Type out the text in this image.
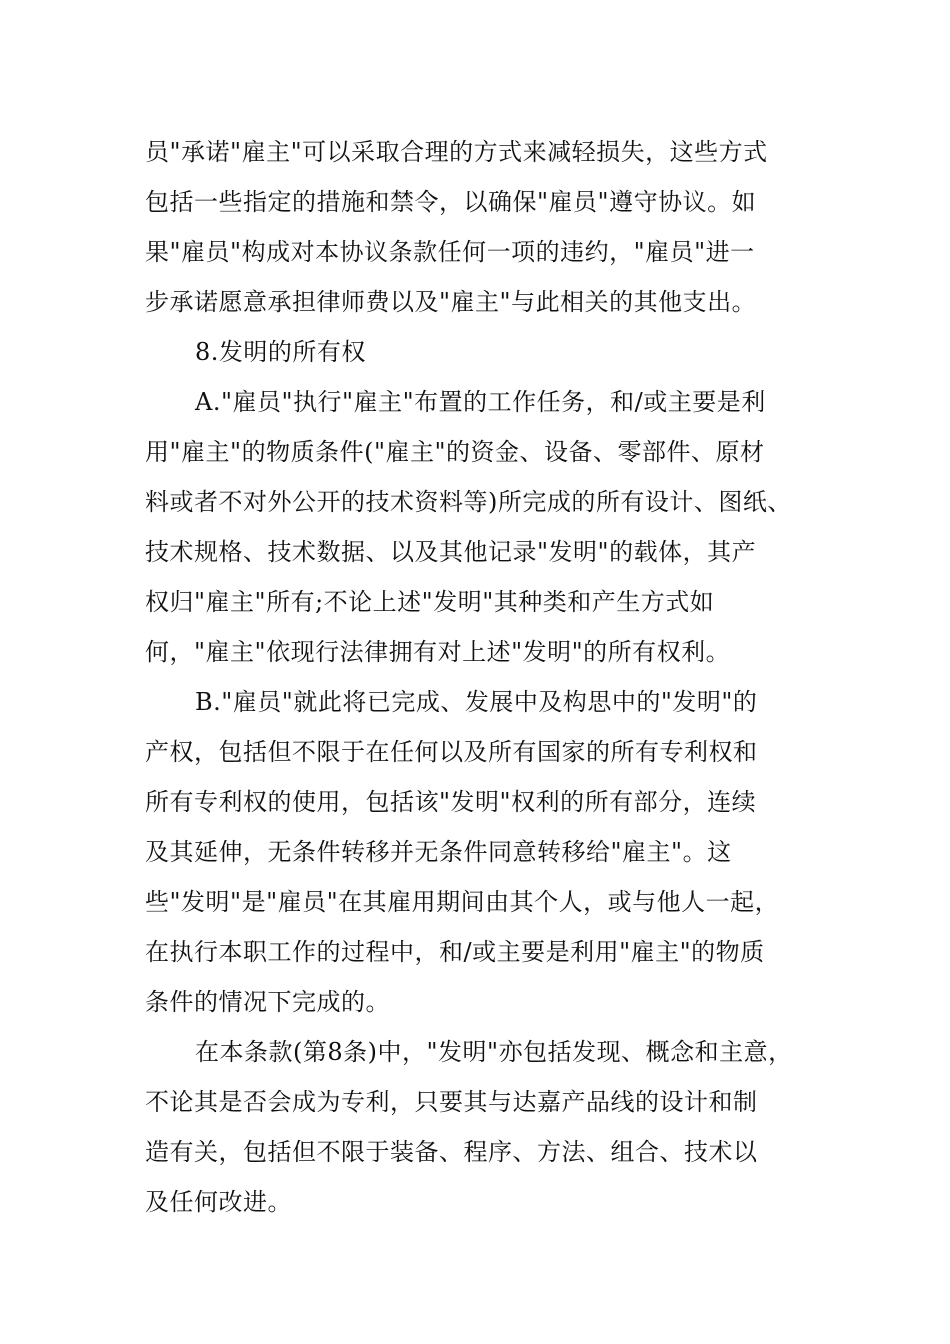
员"承诺"雇主"可以采取合理的方式来减轻损失，这些方式
包括一些指定的措施和禁令，以确保"雇员"遵守协议。如
果"雇员"构成对本协议条款任何一项的违约，"雇员"进一
步承诺愿意承担律师费以及"雇主"与此相关的其他支出。
8.发明的所有权
A."雇员"执行"雇主"布置的工作任务，和/或主要是利
用"雇主"的物质条件("雇主"的资金、设备、零部件、原材
料或者不对外公开的技术资料等)所完成的所有设计、图纸、
技术规格、技术数据、以及其他记录"发明"的载体，其产
权归"雇主"所有;不论上述"发明"其种类和产生方式如
何，"雇主"依现行法律拥有对上述"发明"的所有权利。
B."雇员"就此将已完成、发展中及构思中的"发明"的
产权，包括但不限于在任何以及所有国家的所有专利权和
所有专利权的使用，包括该"发明"权利的所有部分，连续
及其延伸，无条件转移并无条件同意转移给"雇主"。这
些"发明"是"雇员"在其雇用期间由其个人，或与他人一起，
在执行本职工作的过程中，和/或主要是利用"雇主"的物质
条件的情况下完成的。
在本条款(第8条)中，"发明"亦包括发现、概念和主意，
不论其是否会成为专利，只要其与达嘉产品线的设计和制
造有关，包括但不限于装备、程序、方法、组合、技术以
及任何改进。
